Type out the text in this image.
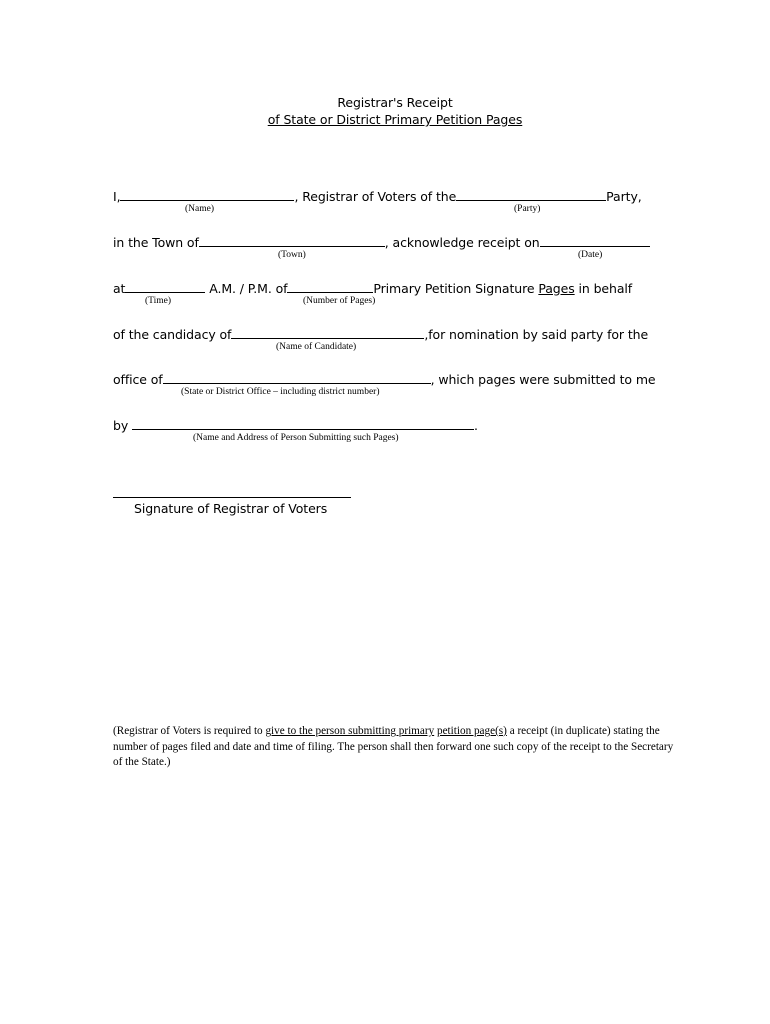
Registrar's Receipt
of State or District Primary Petition Pages
I,	, Registrar of Voters of the	Party,
(Name)	(Party)
in the Town of	, acknowledge receipt on
(Town)	(Date)
at	A.M. / P.M. of	Primary Petition Signature Pages in behalf
(Time)	(Number of Pages)
of the candidacy of	,for nomination by said party for the
(Name of Candidate)
office of	, which pages were submitted to me
(State or District Office – including district number)
by	.
(Name and Address of Person Submitting such Pages)
Signature of Registrar of Voters
(Registrar of Voters is required to give to the person submitting primary petition page(s) a receipt (in duplicate) stating the number of pages filed and date and time of filing. The person shall then forward one such copy of the receipt to the Secretary of the State.)
